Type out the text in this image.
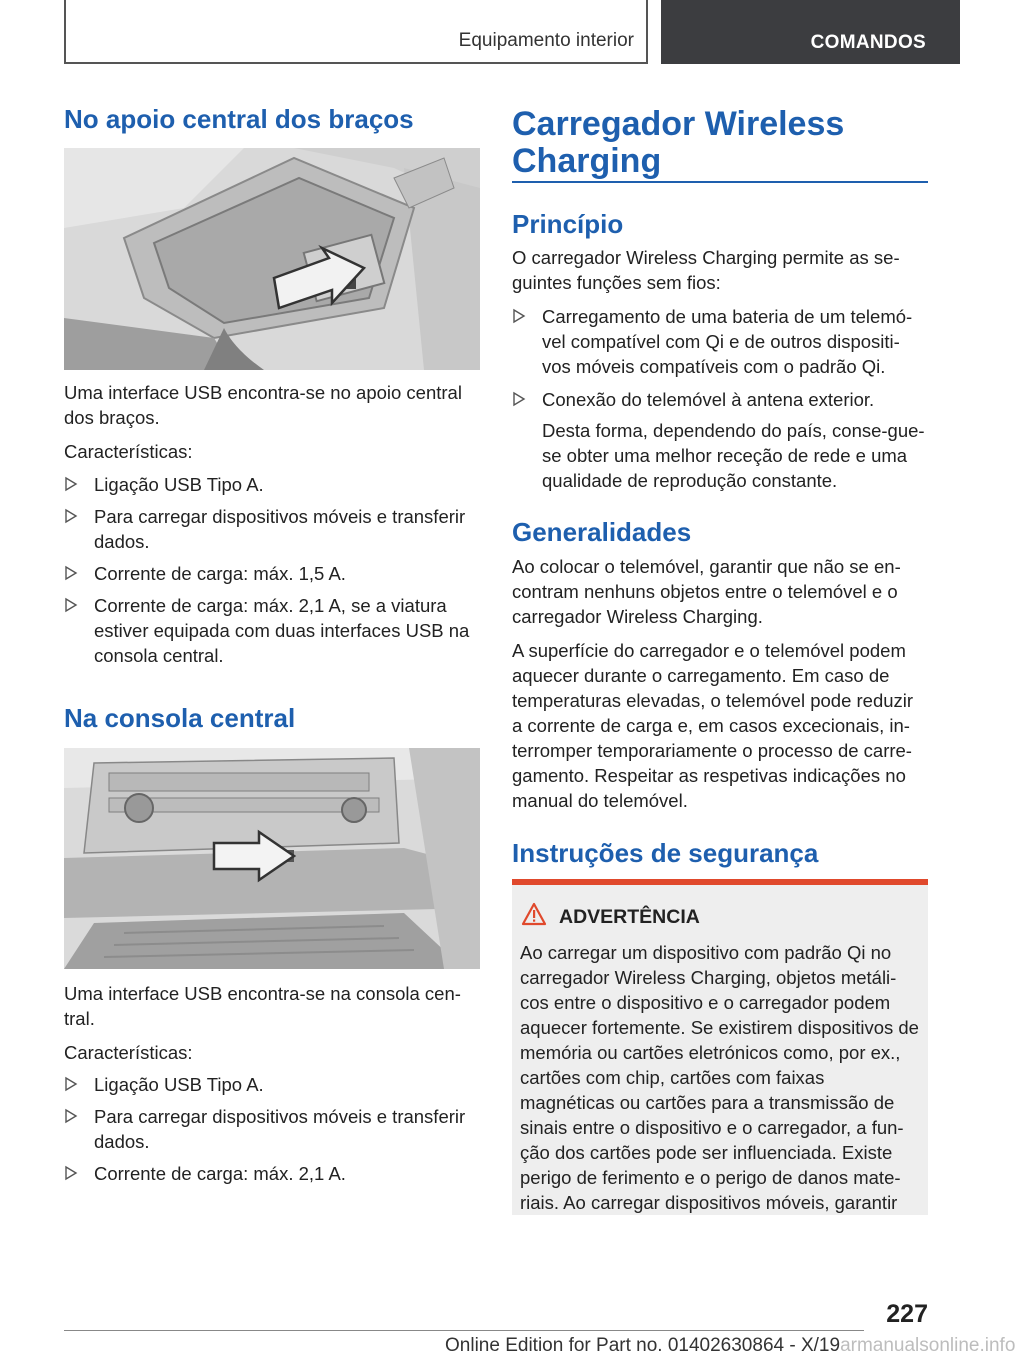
Equipamento interior	COMANDOS
No apoio central dos braços

Uma interface USB encontra-se no apoio central dos braços.

Características:

Ligação USB Tipo A.
Para carregar dispositivos móveis e transferir dados.
Corrente de carga: máx. 1,5 A.
Corrente de carga: máx. 2,1 A, se a viatura estiver equipada com duas interfaces USB na consola central.
Na consola central

Uma interface USB encontra-se na consola cen-tral.

Características:

Ligação USB Tipo A.
Para carregar dispositivos móveis e transferir dados.
Corrente de carga: máx. 2,1 A.
Carregador Wireless Charging
Princípio

O carregador Wireless Charging permite as se-guintes funções sem fios:

Carregamento de uma bateria de um telemó-vel compatível com Qi e de outros dispositi-vos móveis compatíveis com o padrão Qi.
Conexão do telemóvel à antena exterior.

Desta forma, dependendo do país, conse-gue-se obter uma melhor receção de rede e uma qualidade de reprodução constante.

Generalidades

Ao colocar o telemóvel, garantir que não se en-contram nenhuns objetos entre o telemóvel e o carregador Wireless Charging.

A superfície do carregador e o telemóvel podem aquecer durante o carregamento. Em caso de temperaturas elevadas, o telemóvel pode reduzir a corrente de carga e, em casos excecionais, in-terromper temporariamente o processo de carre-gamento. Respeitar as respetivas indicações no manual do telemóvel.

Instruções de segurança
ADVERTÊNCIA
Ao carregar um dispositivo com padrão Qi no carregador Wireless Charging, objetos metáli-cos entre o dispositivo e o carregador podem aquecer fortemente. Se existirem dispositivos de memória ou cartões eletrónicos como, por ex., cartões com chip, cartões com faixas magnéticas ou cartões para a transmissão de sinais entre o dispositivo e o carregador, a fun-ção dos cartões pode ser influenciada. Existe perigo de ferimento e o perigo de danos mate-riais. Ao carregar dispositivos móveis, garantir
227
Online Edition for Part no. 01402630864 - X/19armanualsonline.info
